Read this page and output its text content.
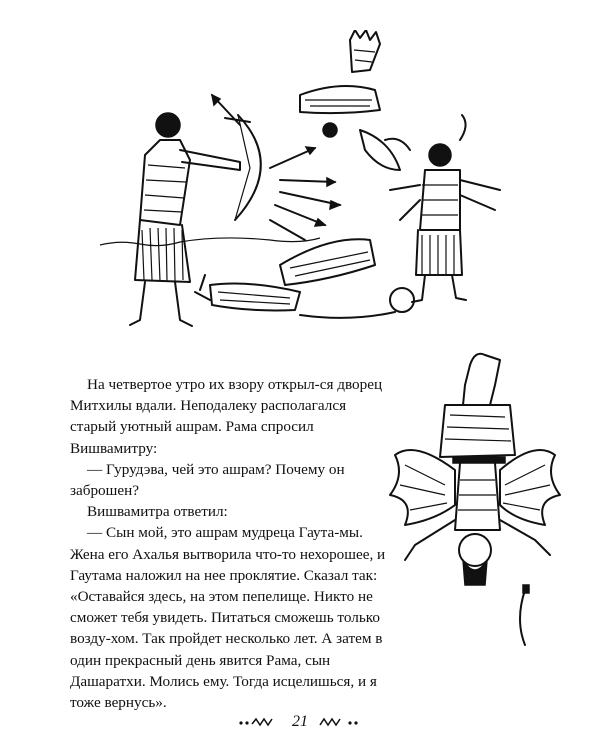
На четвертое утро их взору открыл-ся дворец Митхилы вдали. Неподалеку располагался старый уютный ашрам. Рама спросил Вишвамитру:

— Гурудэва, чей это ашрам? Почему он заброшен?

Вишвамитра ответил:

— Сын мой, это ашрам мудреца Гаута-мы. Жена его Ахалья вытворила что-то нехорошее, и Гаутама наложил на нее проклятие. Сказал так: «Оставайся здесь, на этом пепелище. Никто не сможет тебя увидеть. Питаться сможешь только возду-хом. Так пройдет несколько лет. А затем в один прекрасный день явится Рама, сын Дашаратхи. Молись ему. Тогда исцелишься, и я тоже вернусь».

21
